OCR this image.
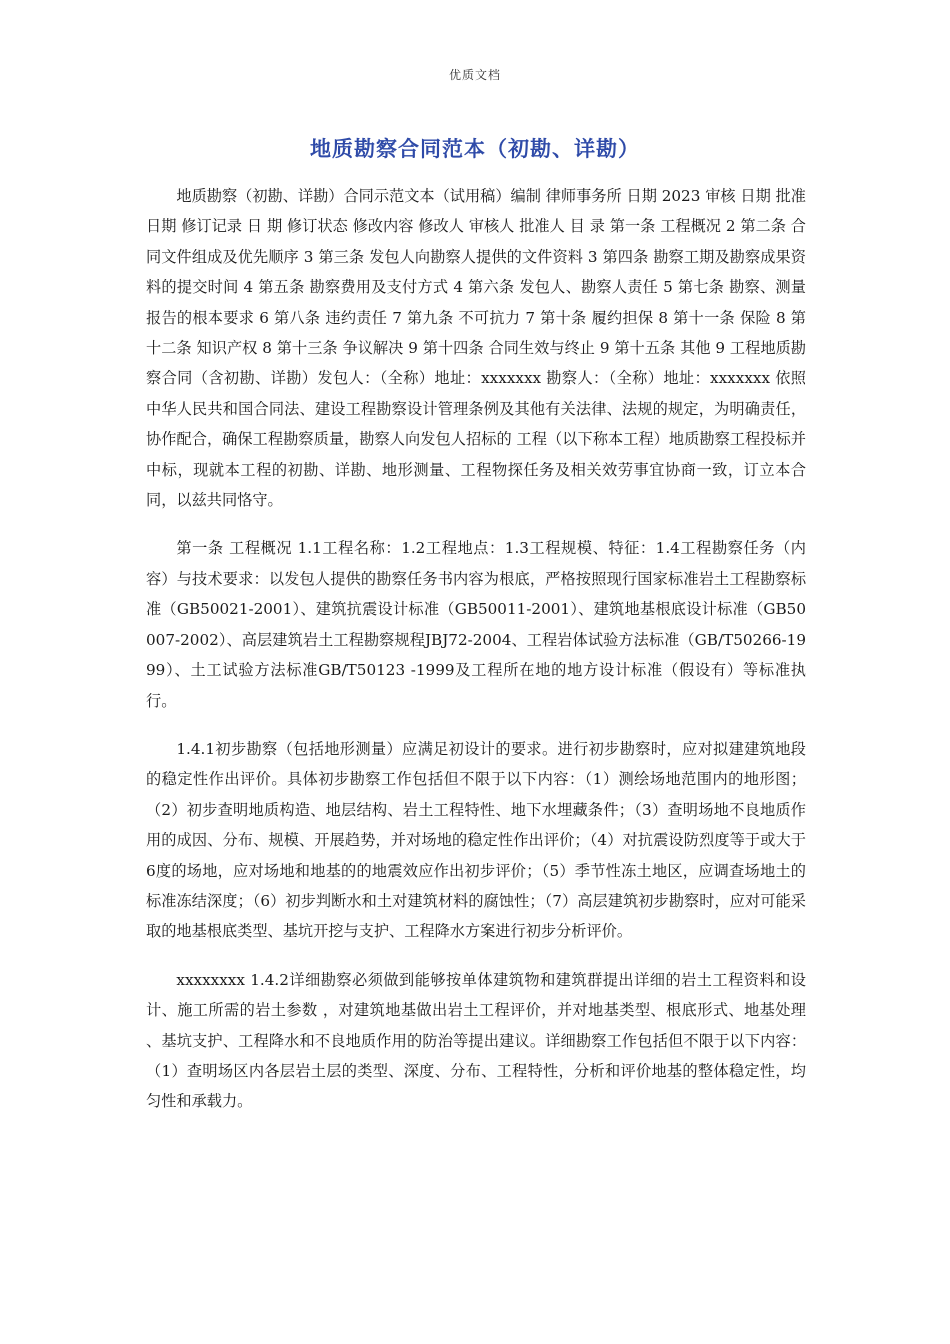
优质文档
地质勘察合同范本（初勘、详勘）

地质勘察（初勘、详勘）合同示范文本（试用稿）编制 律师事务所 日期 2023 审核 日期 批准 日期 修订记录 日 期 修订状态 修改内容 修改人 审核人 批准人 目 录 第一条 工程概况 2 第二条 合同文件组成及优先顺序 3 第三条 发包人向勘察人提供的文件资料 3 第四条 勘察工期及勘察成果资料的提交时间 4 第五条 勘察费用及支付方式 4 第六条 发包人、勘察人责任 5 第七条 勘察、测量报告的根本要求 6 第八条 违约责任 7 第九条 不可抗力 7 第十条 履约担保 8 第十一条 保险 8 第十二条 知识产权 8 第十三条 争议解决 9 第十四条 合同生效与终止 9 第十五条 其他 9 工程地质勘察合同（含初勘、详勘）发包人：（全称）地址：xxxxxxx 勘察人：（全称）地址：xxxxxxx 依照中华人民共和国合同法、建设工程勘察设计管理条例及其他有关法律、法规的规定，为明确责任，协作配合，确保工程勘察质量，勘察人向发包人招标的 工程（以下称本工程）地质勘察工程投标并中标，现就本工程的初勘、详勘、地形测量、工程物探任务及相关效劳事宜协商一致，订立本合同，以兹共同恪守。

第一条 工程概况 1.1工程名称：1.2工程地点：1.3工程规模、特征：1.4工程勘察任务（内容）与技术要求：以发包人提供的勘察任务书内容为根底，严格按照现行国家标准岩土工程勘察标准（GB50021-2001）、建筑抗震设计标准（GB50011-2001）、建筑地基根底设计标准（GB50007-2002）、高层建筑岩土工程勘察规程JBJ72-2004、工程岩体试验方法标准（GB/T50266-1999）、土工试验方法标准GB/T50123 -1999及工程所在地的地方设计标准（假设有）等标准执行。

1.4.1初步勘察（包括地形测量）应满足初设计的要求。进行初步勘察时，应对拟建建筑地段的稳定性作出评价。具体初步勘察工作包括但不限于以下内容：（1）测绘场地范围内的地形图；（2）初步查明地质构造、地层结构、岩土工程特性、地下水埋藏条件；（3）查明场地不良地质作用的成因、分布、规模、开展趋势，并对场地的稳定性作出评价；（4）对抗震设防烈度等于或大于6度的场地，应对场地和地基的的地震效应作出初步评价；（5）季节性冻土地区，应调查场地土的标准冻结深度；（6）初步判断水和土对建筑材料的腐蚀性；（7）高层建筑初步勘察时，应对可能采取的地基根底类型、基坑开挖与支护、工程降水方案进行初步分析评价。

xxxxxxxx 1.4.2详细勘察必须做到能够按单体建筑物和建筑群提出详细的岩土工程资料和设计、施工所需的岩土参数 ，对建筑地基做出岩土工程评价，并对地基类型、根底形式、地基处理 、基坑支护、工程降水和不良地质作用的防治等提出建议。详细勘察工作包括但不限于以下内容：（1）查明场区内各层岩土层的类型、深度、分布、工程特性，分析和评价地基的整体稳定性，均匀性和承载力。
